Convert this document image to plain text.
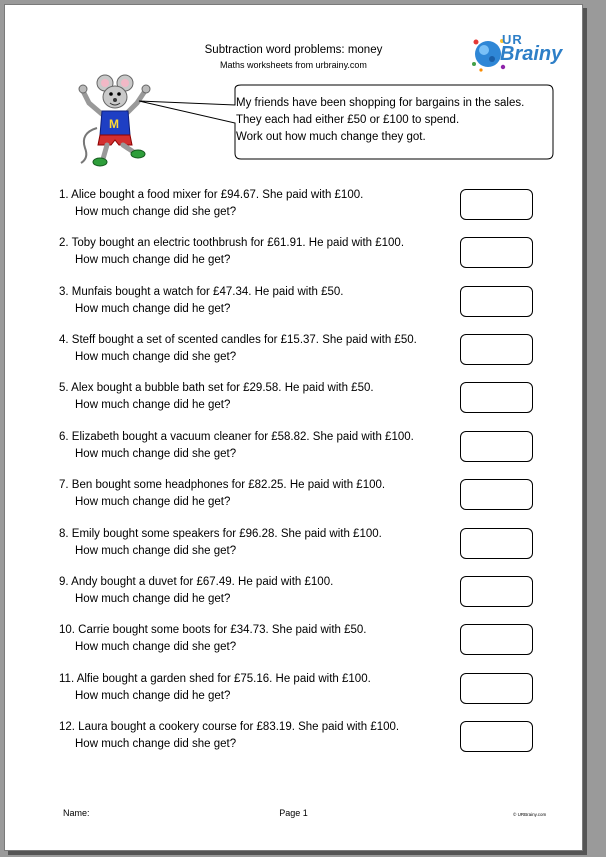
Subtraction word problems: money
Maths worksheets from urbrainy.com
UR
Brainy
M
My friends have been shopping for bargains in the sales.
They each had either £50 or £100 to spend.
Work out how much change they got.
1. Alice bought a food mixer for £94.67. She paid with £100.
How much change did she get?
2. Toby bought an electric toothbrush for £61.91. He paid with £100.
How much change did he get?
3. Munfais bought a watch for £47.34. He paid with £50.
How much change did he get?
4. Steff bought a set of scented candles for £15.37. She paid with £50.
How much change did she get?
5. Alex bought a bubble bath set for £29.58. He paid with £50.
How much change did he get?
6. Elizabeth bought a vacuum cleaner for £58.82. She paid with £100.
How much change did she get?
7. Ben bought some headphones for £82.25. He paid with £100.
How much change did he get?
8. Emily bought some speakers for £96.28. She paid with £100.
How much change did she get?
9. Andy bought a duvet for £67.49. He paid with £100.
How much change did he get?
10. Carrie bought some boots for £34.73. She paid with £50.
How much change did she get?
11. Alfie bought a garden shed for £75.16. He paid with £100.
How much change did he get?
12. Laura bought a cookery course for £83.19. She paid with £100.
How much change did she get?
Name:	Page 1	© URBrainy.com
